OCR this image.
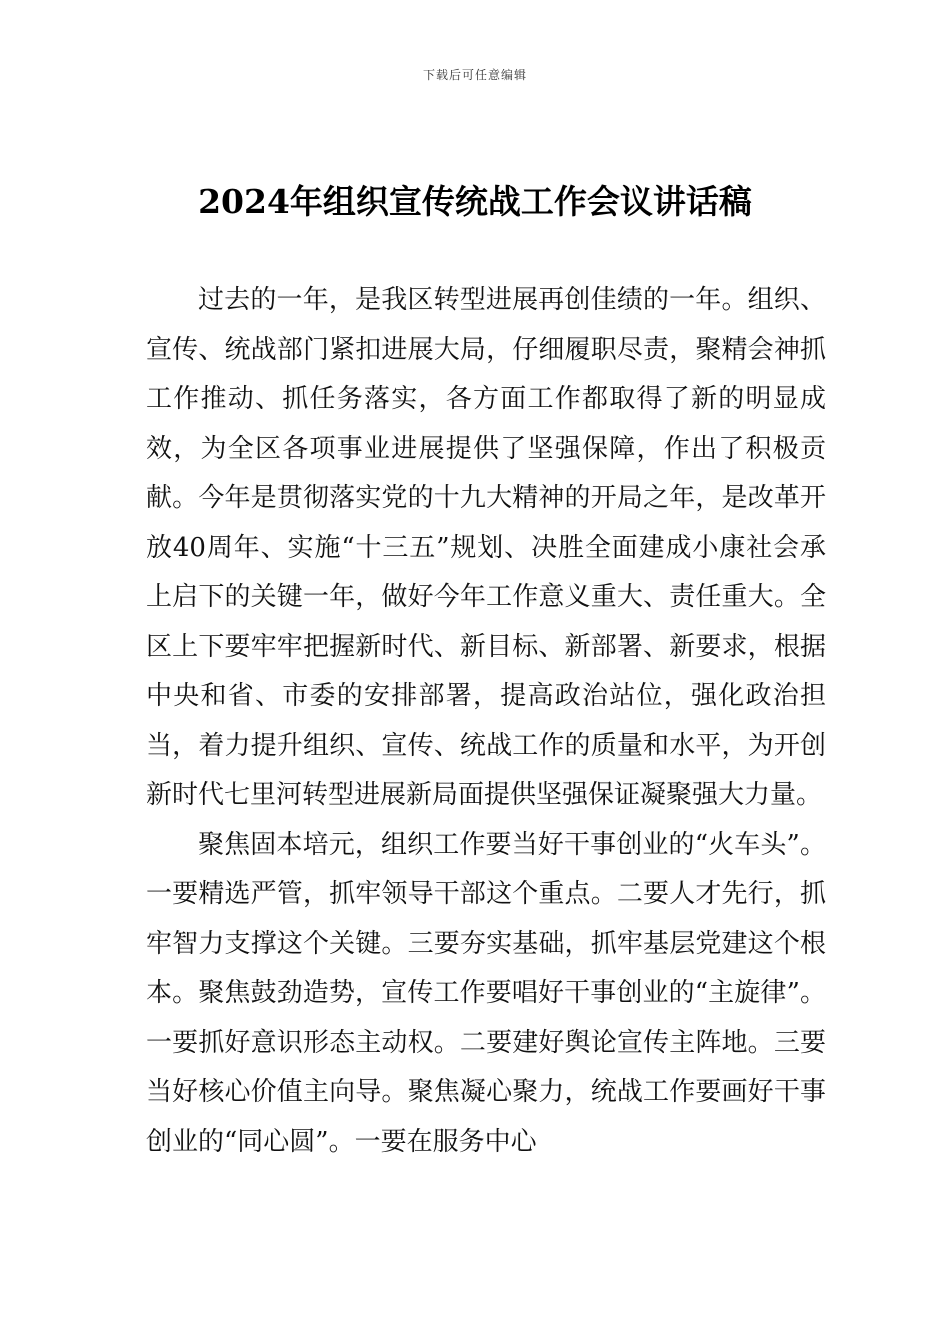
下载后可任意编辑
2024年组织宣传统战工作会议讲话稿

过去的一年，是我区转型进展再创佳绩的一年。组织、宣传、统战部门紧扣进展大局，仔细履职尽责，聚精会神抓工作推动、抓任务落实，各方面工作都取得了新的明显成效，为全区各项事业进展提供了坚强保障，作出了积极贡献。今年是贯彻落实党的十九大精神的开局之年，是改革开放40周年、实施“十三五”规划、决胜全面建成小康社会承上启下的关键一年，做好今年工作意义重大、责任重大。全区上下要牢牢把握新时代、新目标、新部署、新要求，根据中央和省、市委的安排部署，提高政治站位，强化政治担当，着力提升组织、宣传、统战工作的质量和水平，为开创新时代七里河转型进展新局面提供坚强保证凝聚强大力量。

聚焦固本培元，组织工作要当好干事创业的“火车头”。一要精选严管，抓牢领导干部这个重点。二要人才先行，抓牢智力支撑这个关键。三要夯实基础，抓牢基层党建这个根本。聚焦鼓劲造势，宣传工作要唱好干事创业的“主旋律”。一要抓好意识形态主动权。二要建好舆论宣传主阵地。三要当好核心价值主向导。聚焦凝心聚力，统战工作要画好干事创业的“同心圆”。一要在服务中心
